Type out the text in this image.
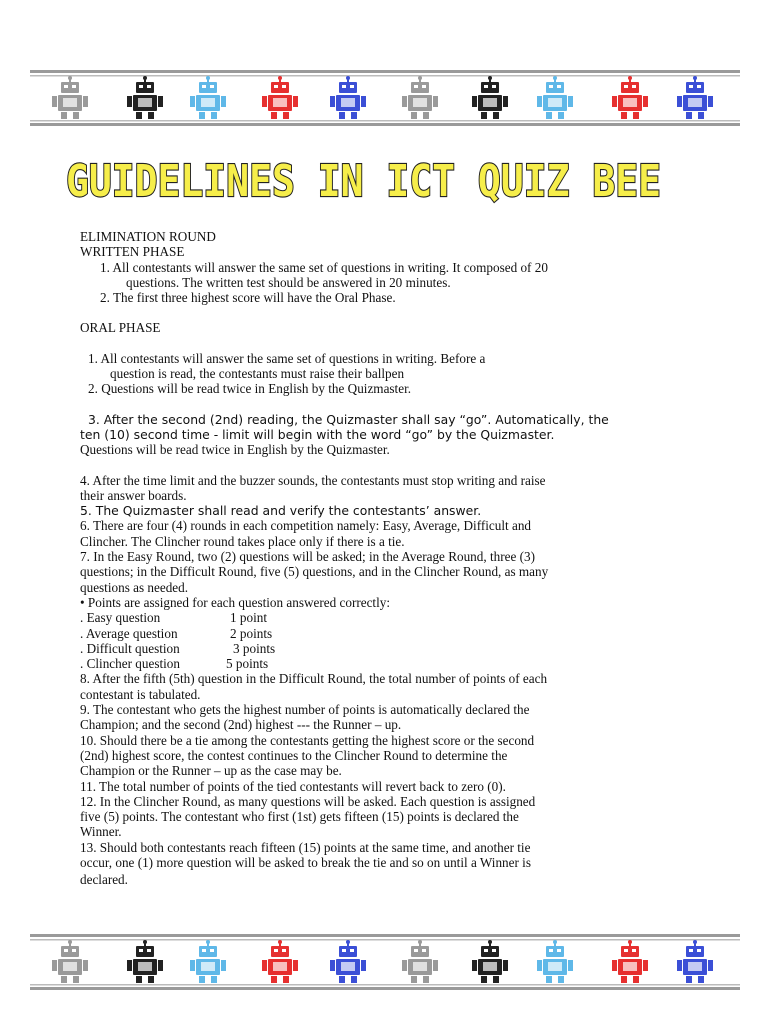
GUIDELINES IN ICT QUIZ BEE
ELIMINATION ROUND
WRITTEN PHASE
1. All contestants will answer the same set of questions in writing. It composed of 20
questions. The written test should be answered in 20 minutes.
2. The first three highest score will have the Oral Phase.
ORAL PHASE
1. All contestants will answer the same set of questions in writing. Before a
question is read, the contestants must raise their ballpen
2. Questions will be read twice in English by the Quizmaster.
3. After the second (2nd) reading, the Quizmaster shall say “go”. Automatically, the
ten (10) second time - limit will begin with the word “go” by the Quizmaster.
Questions will be read twice in English by the Quizmaster.
4. After the time limit and the buzzer sounds, the contestants must stop writing and raise
their answer boards.
5. The Quizmaster shall read and verify the contestants’ answer.
6. There are four (4) rounds in each competition namely: Easy, Average, Difficult and
Clincher. The Clincher round takes place only if there is a tie.
7. In the Easy Round, two (2) questions will be asked; in the Average Round, three (3)
questions; in the Difficult Round, five (5) questions, and in the Clincher Round, as many
questions as needed.
• Points are assigned for each question answered correctly:
. Easy question	1 point
. Average question	2 points
. Difficult question	3 points
. Clincher question	5 points
8. After the fifth (5th) question in the Difficult Round, the total number of points of each
contestant is tabulated.
9. The contestant who gets the highest number of points is automatically declared the
Champion; and the second (2nd) highest --- the Runner – up.
10. Should there be a tie among the contestants getting the highest score or the second
(2nd) highest score, the contest continues to the Clincher Round to determine the
Champion or the Runner – up as the case may be.
11. The total number of points of the tied contestants will revert back to zero (0).
12. In the Clincher Round, as many questions will be asked. Each question is assigned
five (5) points. The contestant who first (1st) gets fifteen (15) points is declared the
Winner.
13. Should both contestants reach fifteen (15) points at the same time, and another tie
occur, one (1) more question will be asked to break the tie and so on until a Winner is
declared.
